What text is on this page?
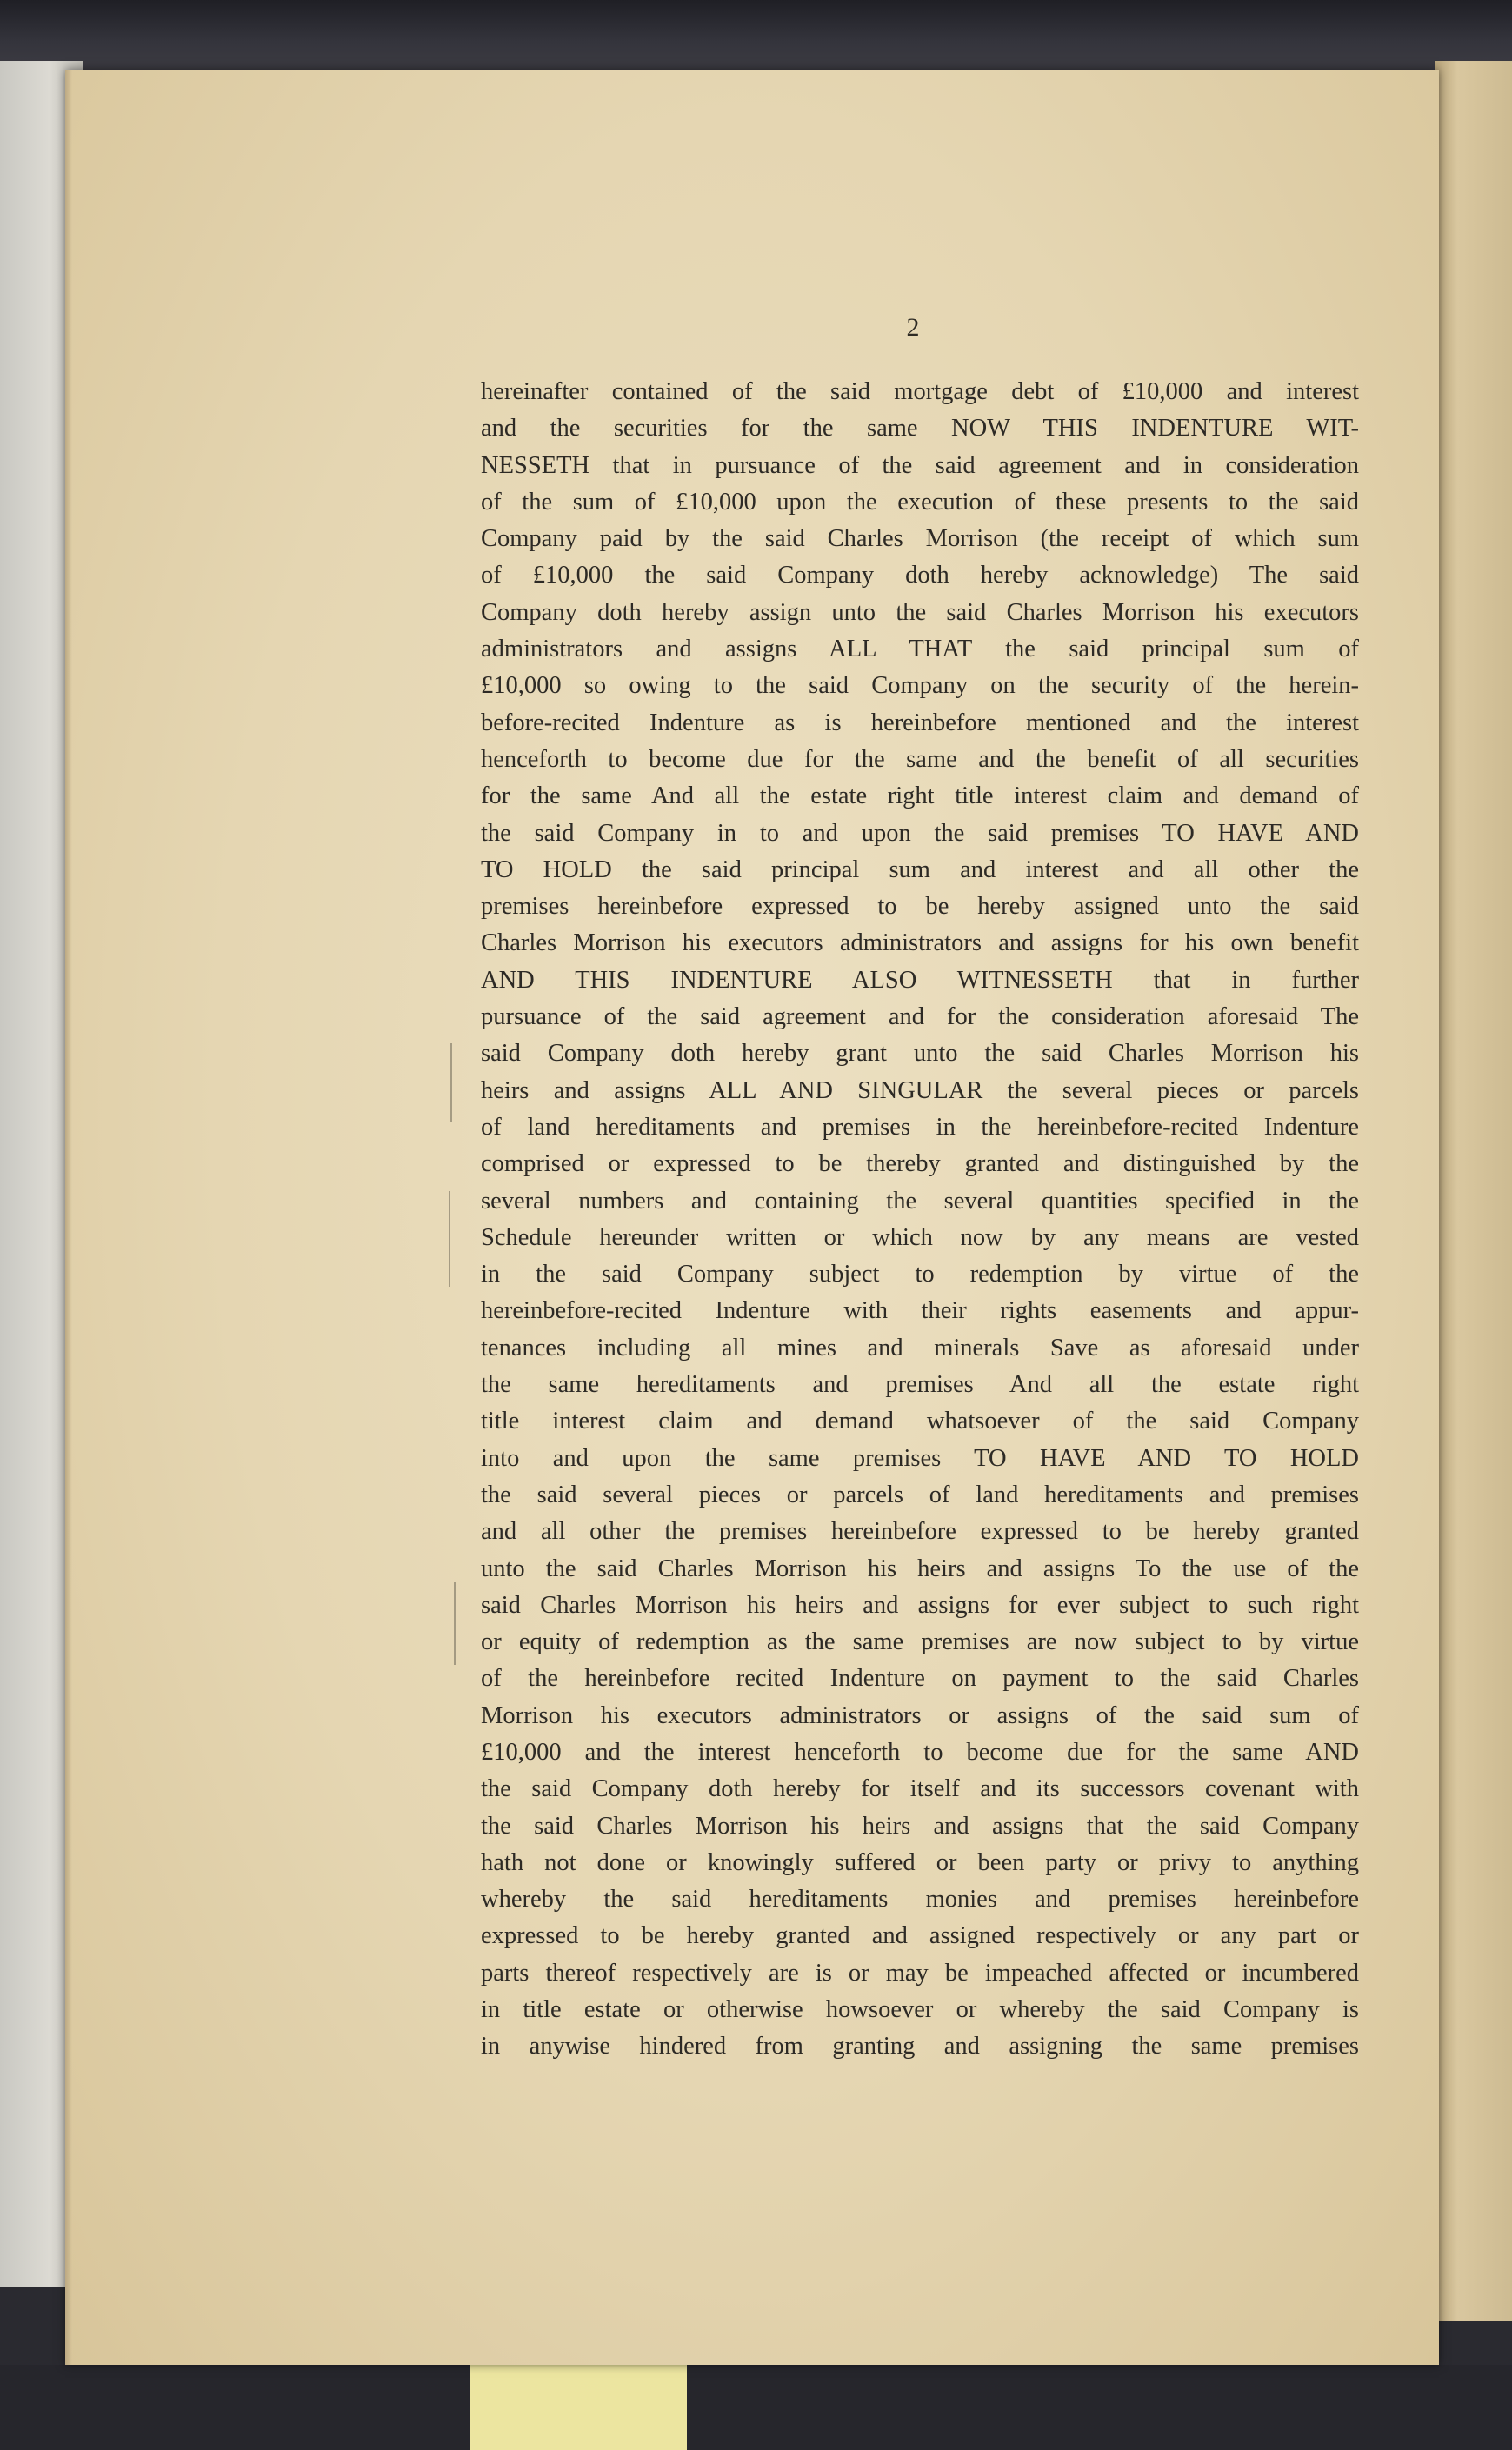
2
hereinafter contained of the said mortgage debt of £10,000 and interest
and the securities for the same NOW THIS INDENTURE WIT-
NESSETH that in pursuance of the said agreement and in consideration
of the sum of £10,000 upon the execution of these presents to the said
Company paid by the said Charles Morrison (the receipt of which sum
of £10,000 the said Company doth hereby acknowledge) The said
Company doth hereby assign unto the said Charles Morrison his executors
administrators and assigns ALL THAT the said principal sum of
£10,000 so owing to the said Company on the security of the herein-
before-recited Indenture as is hereinbefore mentioned and the interest
henceforth to become due for the same and the benefit of all securities
for the same And all the estate right title interest claim and demand of
the said Company in to and upon the said premises TO HAVE AND
TO HOLD the said principal sum and interest and all other the
premises hereinbefore expressed to be hereby assigned unto the said
Charles Morrison his executors administrators and assigns for his own benefit
AND THIS INDENTURE ALSO WITNESSETH that in further
pursuance of the said agreement and for the consideration aforesaid The
said Company doth hereby grant unto the said Charles Morrison his
heirs and assigns ALL AND SINGULAR the several pieces or parcels
of land hereditaments and premises in the hereinbefore-recited Indenture
comprised or expressed to be thereby granted and distinguished by the
several numbers and containing the several quantities specified in the
Schedule hereunder written or which now by any means are vested
in the said Company subject to redemption by virtue of the
hereinbefore-recited Indenture with their rights easements and appur-
tenances including all mines and minerals Save as aforesaid under
the same hereditaments and premises And all the estate right
title interest claim and demand whatsoever of the said Company
into and upon the same premises TO HAVE AND TO HOLD
the said several pieces or parcels of land hereditaments and premises
and all other the premises hereinbefore expressed to be hereby granted
unto the said Charles Morrison his heirs and assigns To the use of the
said Charles Morrison his heirs and assigns for ever subject to such right
or equity of redemption as the same premises are now subject to by virtue
of the hereinbefore recited Indenture on payment to the said Charles
Morrison his executors administrators or assigns of the said sum of
£10,000 and the interest henceforth to become due for the same AND
the said Company doth hereby for itself and its successors covenant with
the said Charles Morrison his heirs and assigns that the said Company
hath not done or knowingly suffered or been party or privy to anything
whereby the said hereditaments monies and premises hereinbefore
expressed to be hereby granted and assigned respectively or any part or
parts thereof respectively are is or may be impeached affected or incumbered
in title estate or otherwise howsoever or whereby the said Company is
in anywise hindered from granting and assigning the same premises
